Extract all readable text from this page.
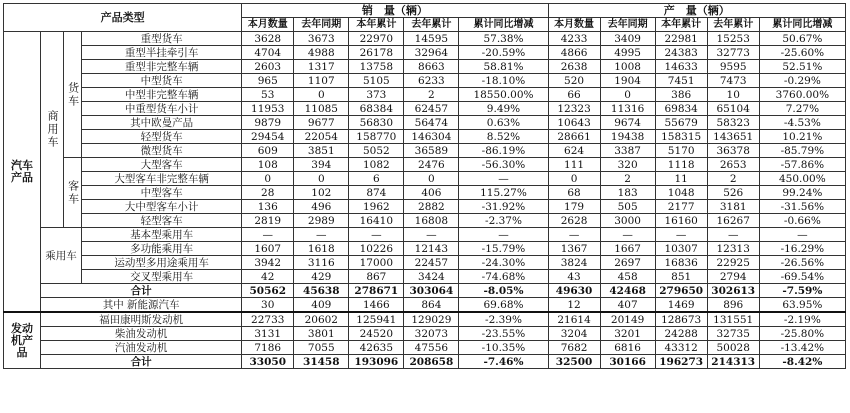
产品类型				销　量（辆）					产　量（辆）				
				本月数量	去年同期	本年累计	去年累计	累计同比增减	本月数量	去年同期	本年累计	去年累计	累计同比增减
汽车产品	商用车	货车	重型货车	3628	3673	22970	14595	57.38%	4233	3409	22981	15253	50.67%
			重型半挂牵引车	4704	4988	26178	32964	-20.59%	4866	4995	24383	32773	-25.60%
			重型非完整车辆	2603	1317	13758	8663	58.81%	2638	1008	14633	9595	52.51%
			中型货车	965	1107	5105	6233	-18.10%	520	1904	7451	7473	-0.29%
			中型非完整车辆	53	0	373	2	18550.00%	66	0	386	10	3760.00%
			中重型货车小计	11953	11085	68384	62457	9.49%	12323	11316	69834	65104	7.27%
			其中欧曼产品	9879	9677	56830	56474	0.63%	10643	9674	55679	58323	-4.53%
			轻型货车	29454	22054	158770	146304	8.52%	28661	19438	158315	143651	10.21%
			微型货车	609	3851	5052	36589	-86.19%	624	3387	5170	36378	-85.79%
		客车	大型客车	108	394	1082	2476	-56.30%	111	320	1118	2653	-57.86%
			大型客车非完整车辆	0	0	6	0	—	0	2	11	2	450.00%
			中型客车	28	102	874	406	115.27%	68	183	1048	526	99.24%
			大中型客车小计	136	496	1962	2882	-31.92%	179	505	2177	3181	-31.56%
			轻型客车	2819	2989	16410	16808	-2.37%	2628	3000	16160	16267	-0.66%
	乘用车		基本型乘用车	—	—	—	—	—	—	—	—	—	—
			多功能乘用车	1607	1618	10226	12143	-15.79%	1367	1667	10307	12313	-16.29%
			运动型多用途乘用车	3942	3116	17000	22457	-24.30%	3824	2697	16836	22925	-26.56%
			交叉型乘用车	42	429	867	3424	-74.68%	43	458	851	2794	-69.54%
	合计			50562	45638	278671	303064	-8.05%	49630	42468	279650	302613	-7.59%
	其中 新能源汽车			30	409	1466	864	69.68%	12	407	1469	896	63.95%
发动机产品	福田康明斯发动机			22733	20602	125941	129029	-2.39%	21614	20149	128673	131551	-2.19%
	柴油发动机			3131	3801	24520	32073	-23.55%	3204	3201	24288	32735	-25.80%
	汽油发动机			7186	7055	42635	47556	-10.35%	7682	6816	43312	50028	-13.42%
	合计			33050	31458	193096	208658	-7.46%	32500	30166	196273	214313	-8.42%
